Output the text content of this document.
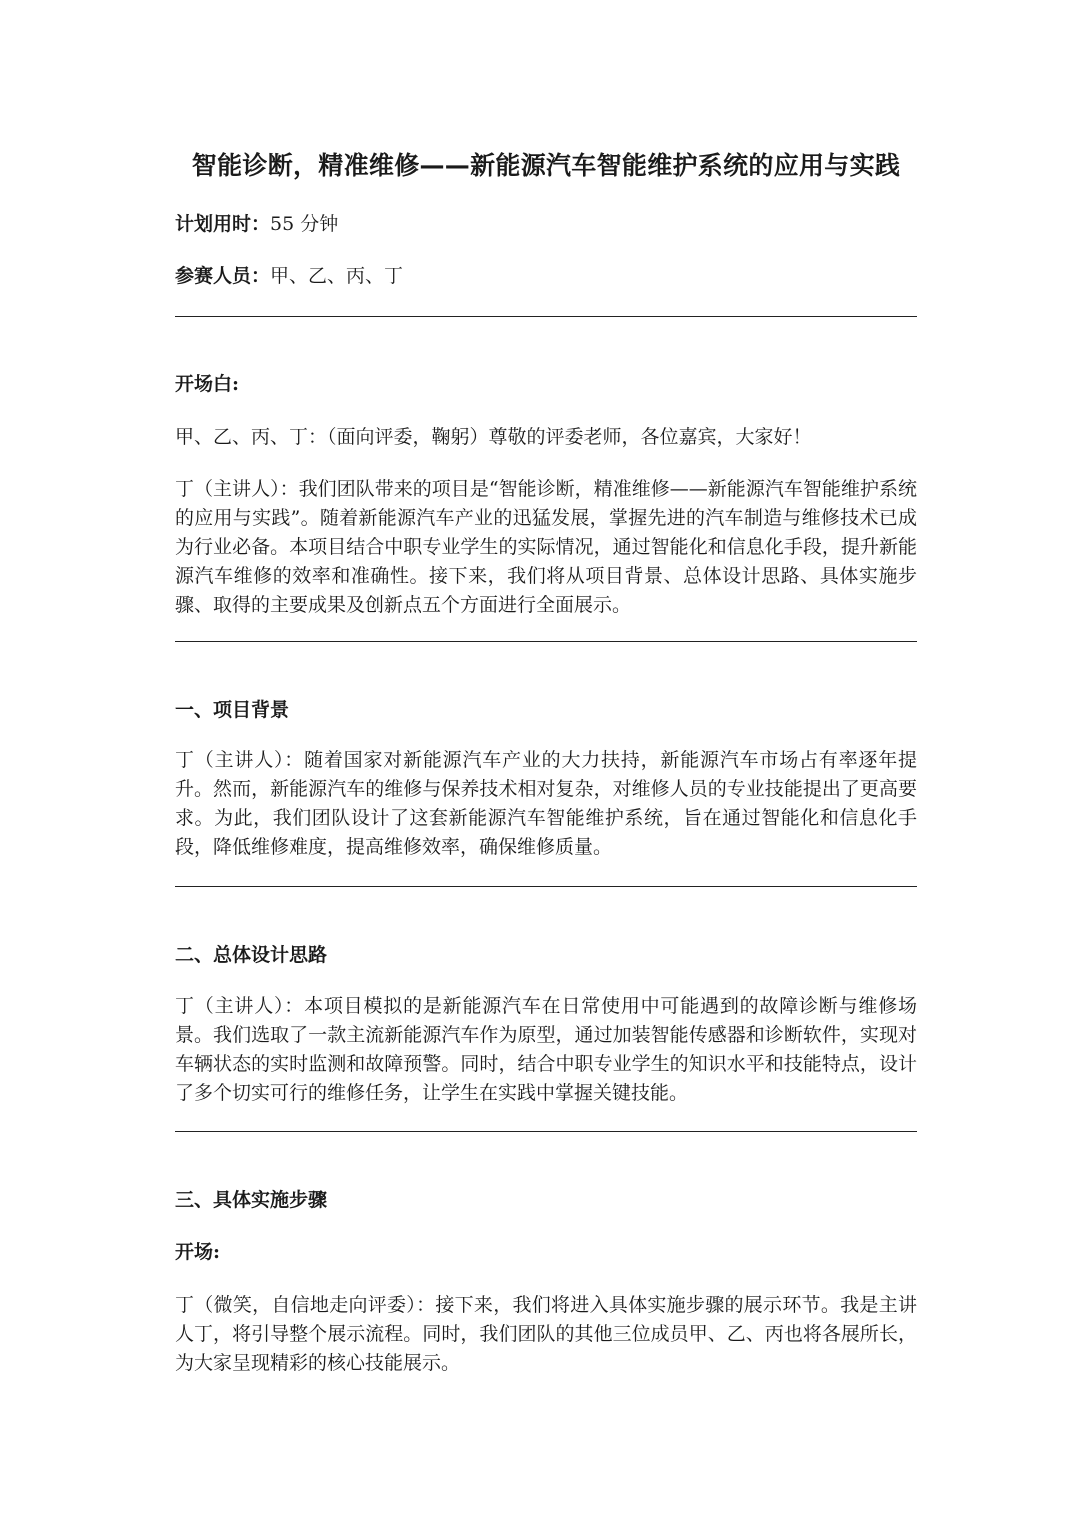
智能诊断，精准维修——新能源汽车智能维护系统的应用与实践

计划用时：55 分钟

参赛人员：甲、乙、丙、丁

开场白:

甲、乙、丙、丁：（面向评委，鞠躬）尊敬的评委老师，各位嘉宾，大家好！

丁（主讲人）：我们团队带来的项目是“智能诊断，精准维修——新能源汽车智能维护系统的应用与实践”。随着新能源汽车产业的迅猛发展，掌握先进的汽车制造与维修技术已成为行业必备。本项目结合中职专业学生的实际情况，通过智能化和信息化手段，提升新能源汽车维修的效率和准确性。接下来，我们将从项目背景、总体设计思路、具体实施步骤、取得的主要成果及创新点五个方面进行全面展示。

一、项目背景

丁（主讲人）：随着国家对新能源汽车产业的大力扶持，新能源汽车市场占有率逐年提升。然而，新能源汽车的维修与保养技术相对复杂，对维修人员的专业技能提出了更高要求。为此，我们团队设计了这套新能源汽车智能维护系统，旨在通过智能化和信息化手段，降低维修难度，提高维修效率，确保维修质量。

二、总体设计思路

丁（主讲人）：本项目模拟的是新能源汽车在日常使用中可能遇到的故障诊断与维修场景。我们选取了一款主流新能源汽车作为原型，通过加装智能传感器和诊断软件，实现对车辆状态的实时监测和故障预警。同时，结合中职专业学生的知识水平和技能特点，设计了多个切实可行的维修任务，让学生在实践中掌握关键技能。

三、具体实施步骤

开场:

丁（微笑，自信地走向评委）：接下来，我们将进入具体实施步骤的展示环节。我是主讲人丁，将引导整个展示流程。同时，我们团队的其他三位成员甲、乙、丙也将各展所长，为大家呈现精彩的核心技能展示。
